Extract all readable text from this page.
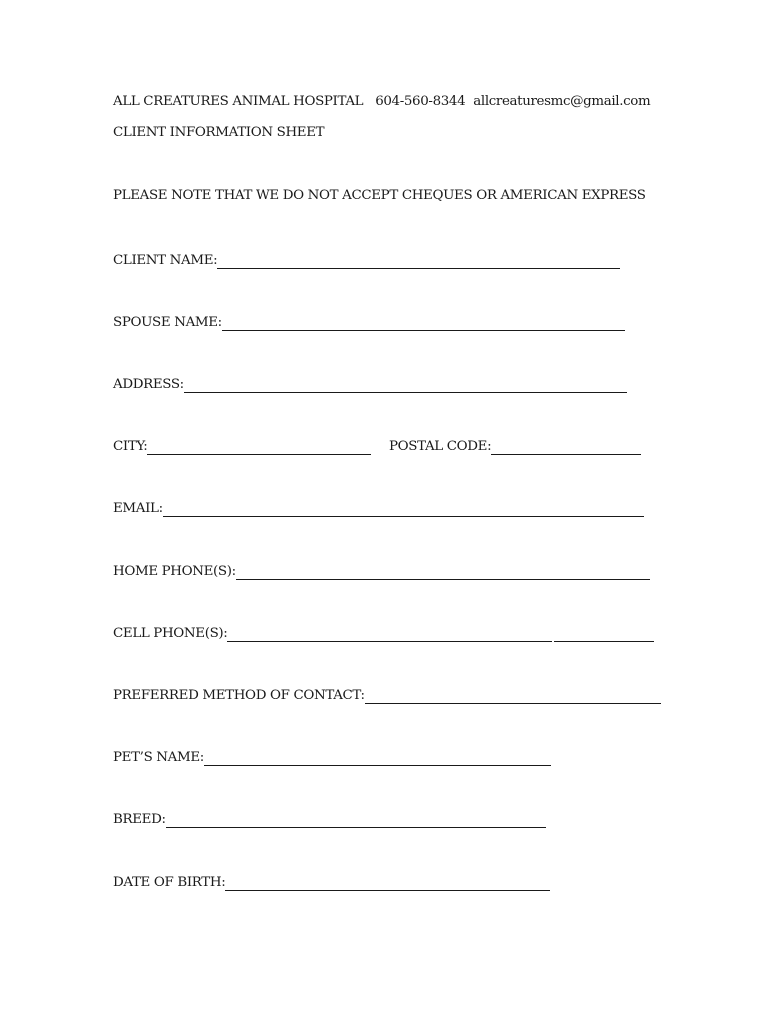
ALL CREATURES ANIMAL HOSPITAL 604-560-8344 allcreaturesmc@gmail.com
CLIENT INFORMATION SHEET
PLEASE NOTE THAT WE DO NOT ACCEPT CHEQUES OR AMERICAN EXPRESS
CLIENT NAME:
SPOUSE NAME:
ADDRESS:
CITY:	POSTAL CODE:
EMAIL:
HOME PHONE(S):
CELL PHONE(S):
PREFERRED METHOD OF CONTACT:
PET’S NAME:
BREED:
DATE OF BIRTH:
